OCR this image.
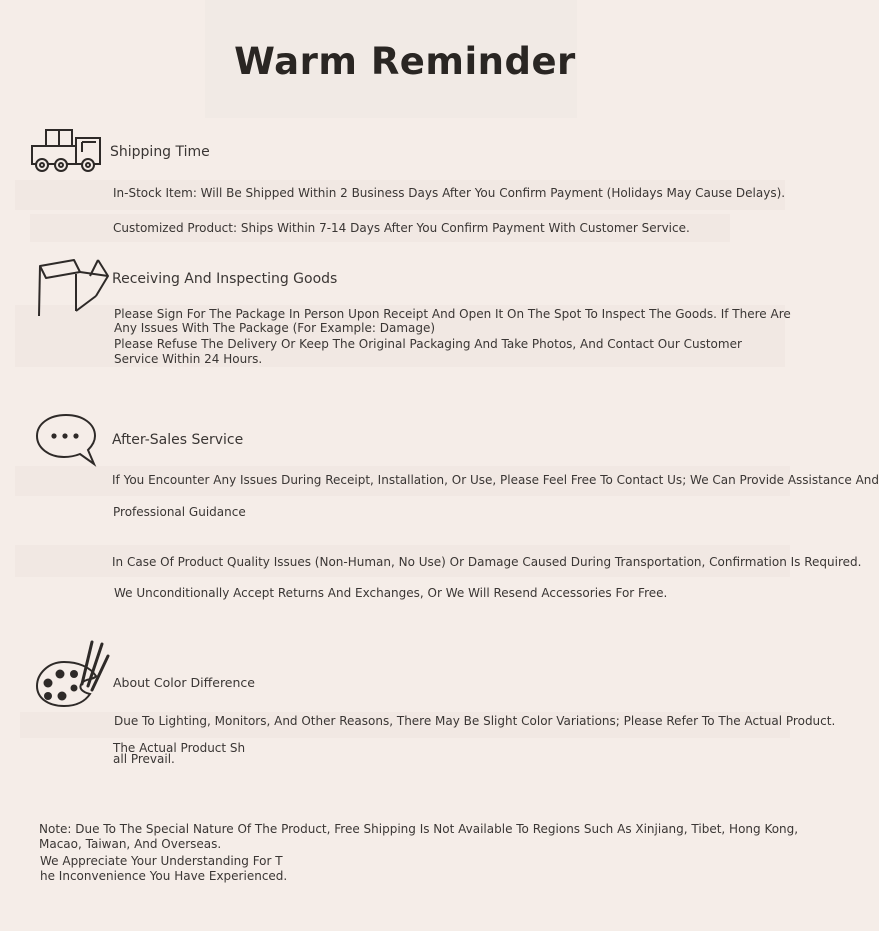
Warm Reminder
Shipping Time
In-Stock Item: Will Be Shipped Within 2 Business Days After You Confirm Payment (Holidays May Cause Delays).
Customized Product: Ships Within 7-14 Days After You Confirm Payment With Customer Service.
Receiving And Inspecting Goods
Please Sign For The Package In Person Upon Receipt And Open It On The Spot To Inspect The Goods. If There Are
Any Issues With The Package (For Example: Damage)
Please Refuse The Delivery Or Keep The Original Packaging And Take Photos, And Contact Our Customer
Service Within 24 Hours.
After-Sales Service
If You Encounter Any Issues During Receipt, Installation, Or Use, Please Feel Free To Contact Us; We Can Provide Assistance And
Professional Guidance
In Case Of Product Quality Issues (Non-Human, No Use) Or Damage Caused During Transportation, Confirmation Is Required.
We Unconditionally Accept Returns And Exchanges, Or We Will Resend Accessories For Free.
About Color Difference
Due To Lighting, Monitors, And Other Reasons, There May Be Slight Color Variations; Please Refer To The Actual Product.
The Actual Product Sh
all Prevail.
Note: Due To The Special Nature Of The Product, Free Shipping Is Not Available To Regions Such As Xinjiang, Tibet, Hong Kong,
Macao, Taiwan, And Overseas.
We Appreciate Your Understanding For T
he Inconvenience You Have Experienced.
